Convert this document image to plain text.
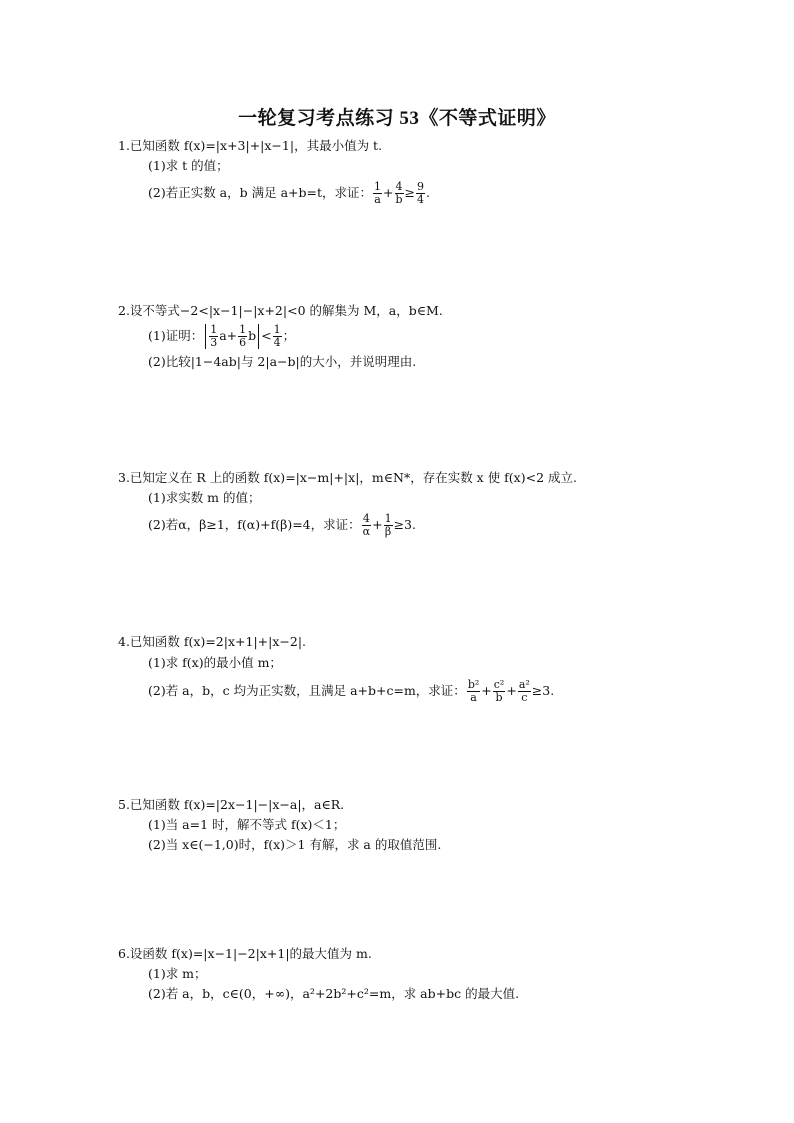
一轮复习考点练习 53《不等式证明》
1.已知函数 f(x)=|x+3|+|x−1|，其最小值为 t.
(1)求 t 的值；
(2)若正实数 a，b 满足 a+b=t，求证： $\frac{1}{a} + \frac{4}{b} \ge \frac{9}{4}$ .
2.设不等式−2<|x−1|−|x+2|<0 的解集为 M，a，b∈M.
(1)证明： $\frac{1}{3} a+ \frac{1}{6}$ $b < \frac{1}{4}$ ；
(2)比较|1−4ab|与 2|a−b|的大小，并说明理由.
3.已知定义在 R 上的函数 f(x)=|x−m|+|x|，m∈N*，存在实数 x 使 f(x)<2 成立.
(1)求实数 m 的值；
(2)若α，β≥1，f(α)+f(β)=4，求证： $\frac{4}{\alpha} + \frac{1}{\beta} \ge 3$.
4.已知函数 f(x)=2|x+1|+|x−2|.
(1)求 f(x)的最小值 m；
(2)若 a，b，c 均为正实数，且满足 a+b+c=m，求证： $\frac{\text{b²}}{a} + \frac{\text{c²}}{b} + \frac{\text{a²}}{c} \ge 3$.
5.已知函数 f(x)=|2x−1|−|x−a|，a∈R.
(1)当 a=1 时，解不等式 f(x)＜1；
(2)当 x∈(−1,0)时，f(x)＞1 有解，求 a 的取值范围.
6.设函数 f(x)=|x−1|−2|x+1|的最大值为 m.
(1)求 m；
(2)若 a，b，c∈(0，+∞)，a²+2b²+c²=m，求 ab+bc 的最大值.
